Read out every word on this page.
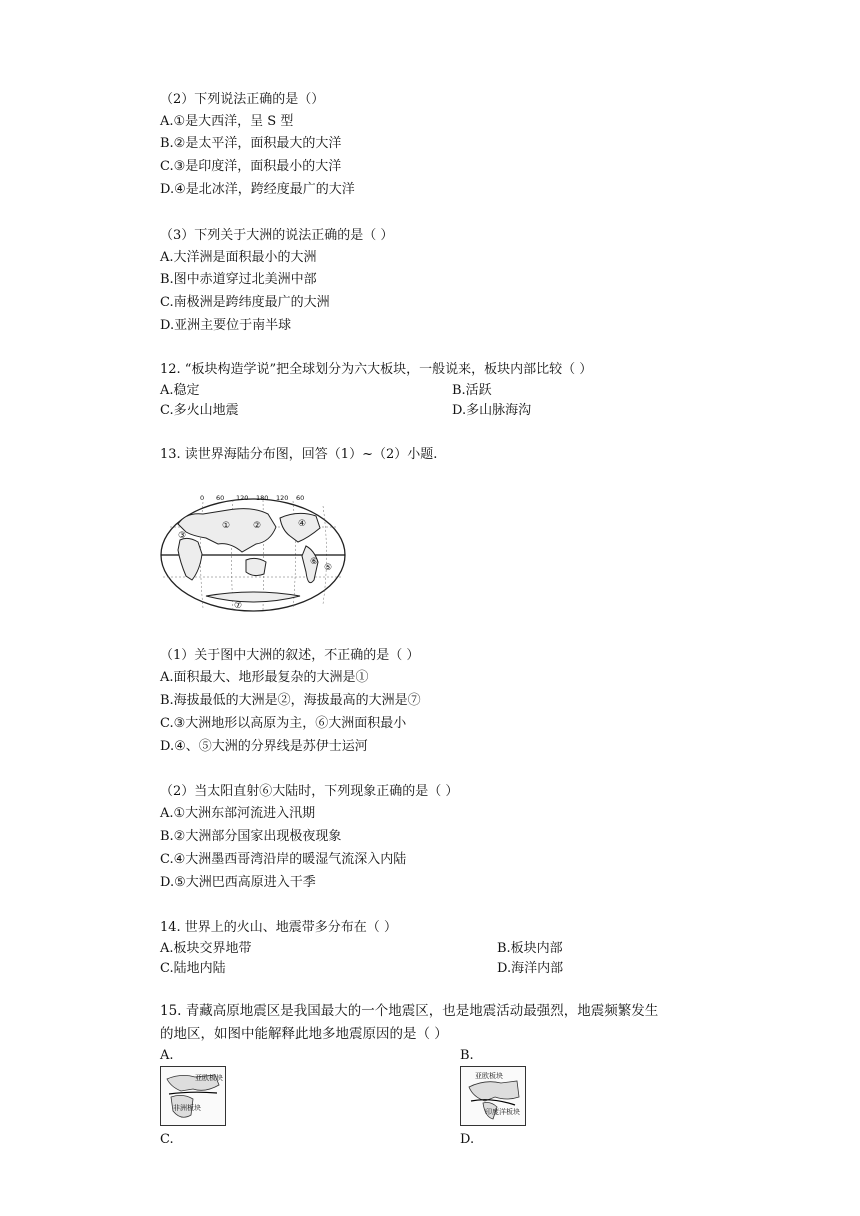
（2）下列说法正确的是（）
A.①是大西洋，呈 S 型
B.②是太平洋，面积最大的大洋
C.③是印度洋，面积最小的大洋
D.④是北冰洋，跨经度最广的大洋
（3）下列关于大洲的说法正确的是（ ）
A.大洋洲是面积最小的大洲
B.图中赤道穿过北美洲中部
C.南极洲是跨纬度最广的大洲
D.亚洲主要位于南半球
12. “板块构造学说”把全球划分为六大板块，一般说来，板块内部比较（ ）
A.稳定	B.活跃
C.多火山地震	D.多山脉海沟
13. 读世界海陆分布图，回答（1）~（2）小题.
0 60 120 180 120 60
①	②
③
④
⑤
⑥
⑦
（1）关于图中大洲的叙述，不正确的是（ ）
A.面积最大、地形最复杂的大洲是①
B.海拔最低的大洲是②，海拔最高的大洲是⑦
C.③大洲地形以高原为主，⑥大洲面积最小
D.④、⑤大洲的分界线是苏伊士运河
（2）当太阳直射⑥大陆时，下列现象正确的是（ ）
A.①大洲东部河流进入汛期
B.②大洲部分国家出现极夜现象
C.④大洲墨西哥湾沿岸的暖湿气流深入内陆
D.⑤大洲巴西高原进入干季
14. 世界上的火山、地震带多分布在（ ）
A.板块交界地带	B.板块内部
C.陆地内陆	D.海洋内部
15. 青藏高原地震区是我国最大的一个地震区，也是地震活动最强烈，地震频繁发生
的地区，如图中能解释此地多地震原因的是（ ）
A.	B.
亚欧板块
非洲板块
亚欧板块
印度洋板块
C.	D.
